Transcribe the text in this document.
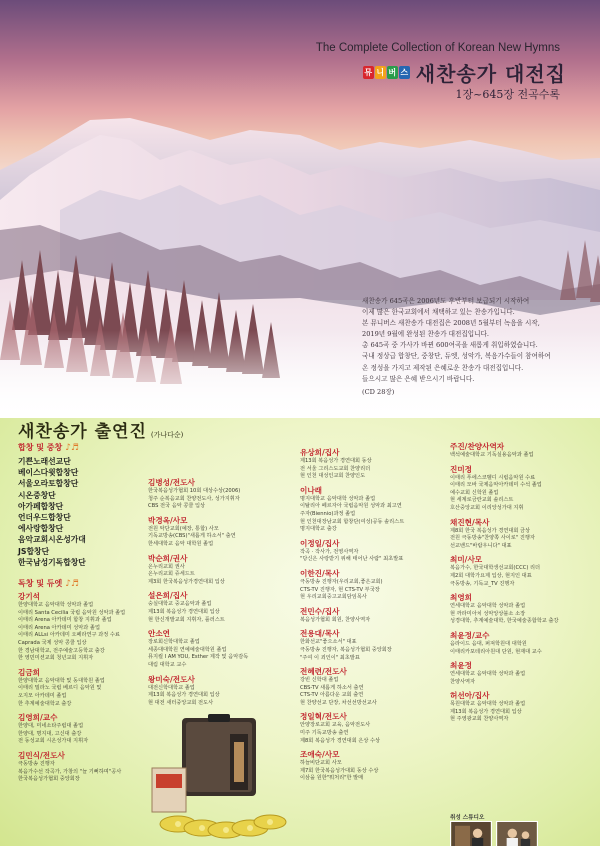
The Complete Collection of Korean New Hymns
뮤 니 버 스 새찬송가 대전집
1장~645장 전곡수록

새찬송가 645곡은 2006년도 후반부터 보급되기 시작하여

이제 많은 한국교회에서 채택하고 있는 찬송가입니다.

본 뮤니버스 새찬송가 대전집은 2008년 5월부터 녹음을 시작,

2019년 9월에 완성된 찬송가 대전집입니다.

총 645곡 중 가사가 바뀐 600여곡을 새롭게 취입하였습니다.

국내 정상급 합창단, 중창단, 듀엣, 성악가, 복음가수들이 참여하여

온 정성을 가지고 제작된 은혜로운 찬송가 대전집입니다.

들으시고 많은 은혜 받으시기 바랍니다.

(CD 28장)

새찬송가 출연진 (가나다순)
합창 및 중창 ♪♬
기쁜노래선교단
베이스다윗합창단
서울오라토합창단
시온중창단
아가페합창단
언더우드합창단
에사랑합창단
음악교회시온성가대
JS합창단
한국남성기독합창단
독창 및 듀엣 ♪♬
강기석
한양대학교 음악대학 성악과 졸업
이태리 Santa Cecilia 국립 음악원 성악과 졸업
이태리 Arena 아카데미 합창 지휘과 졸업
이태리 Arena 아카데미 성악과 졸업
이태리 ALLsi 아카데미 오페라연구 과정 수료
Caprada 국제 성악 콩쿨 입상
한 경남대학교, 전주예술고등학교 출강
한 영민미션교회 청년교회 지휘자
김금희
한양대학교 음악대학 및 동대학원 졸업
이태리 밀라노 국립 베르디 음악원 및
오지모 아카데미 졸업
한 추계예술대학교 출강
김영희/교수
한양대, 미네소타주립대 졸업
한양대, 명지대, 고신대 출강
전 동성교회 시온성가대 지휘자
김민식/전도사
극동방송 진행자
복음가수선 작곡가, 가창의 "늘 기뻐하며"공사
한국복음성가협회 중앙회장
김병성/전도사
한국복음성가협회 10회 대상수상(2006)
청주 순복음교회 찬양전도사, 성가지휘자
CBS 전국 음악 콩쿨 입상
박경옥/사모
전원 악단교회(예장, 통합) 사모
기독교방송(CBS)"새롭게 하소서" 출연
한세대학교 음악 대학원 졸업
박순희/권사
온누리교회 권사
온누리교회 쥬세드트
제3회 한국복음성가경연대회 입상
설은희/집사
숭실대학교 중교음악과 졸업
제13회 복음성가 경연대회 입상
현 한신개발교회 지휘자, 플러스트
안소연
장로회신학대학교 졸업
세종대대학원 연예예술대학원 졸업
뮤지컬 I AM YOU, Esther 제작 및 음악감독
대림 대학교 교수
왕미숙/전도사
대전신학대학교 졸업
제13회 복음성가 경연대회 입상
현 대전 새터중앙교회 전도사
유상희/집사
제13회 복음성가 경연대회 동상
전 서울 그리스도교회 찬양리더
현 인천 대성인교회 찬양인도
이나래
명지대학교 음악대학 성악과 졸업
이탈리아 페르자아 국립음악원 성악과 최고연
주자(Biennio)과정 졸업
현 인천대장남교회 합창단(여성)공동 솔리스트
명지대학교 출강
이정일/집사
작곡 · 작사가, 전영사역자
"당신은 사랑받기 위해 태어난 사람" 최초발표
이한진/목사
극동방송 진행자(우리교회,좋은교회)
CTS-TV 진행자, 현 CTS-TV 부국장
현 우리교회중고교회담임목사
전민수/집사
복음성가협회 회원, 찬양사역자
전용대/목사
한화선교"좋으소서" 대표
극동방송 진행자, 복음성가협회 중앙회장
"주여 이 죄인이" 최초발표
전혜련/전도사
강빈 신학대 졸업
CBS-TV 새롭게 하소서 출연
CTS-TV 아름다운 교회 출연
현 찬양선교 단장, 차선선방선교사
정일혁/전도사
안양장로교회 교육, 음악전도사
미주 기독교방송 출연
제8회 복음성가 경연대회 은상 수상
조애숙/사모
하늘비단교회 사모
제7회 한국복음성가대회 동상 수상
이삼을 원한"뭐처리"한 발매
주진/찬양사역자
백석예술대학교 기독실용음악과 졸업
진미정
이태리 푸에스코벨디 시립음악원 수료
이태리 모바 국제음악아카데미 수석 졸업
예수교회 신학원 졸업
현 세계로금란교회 솔리스트
호산중앙교회 이리앙성가대 지휘
채진현/목사
제8회 한국 복음성가 경연대회 금상
전원 극동방송"찬양쪽 사이로" 진행자
선교밴드"바람우니다" 대표
최미/사모
복음가수, 한국대학생선교회(CCC) 리더
제2회 대학가요제 입상, 현지인 대표
극동방송, 기독교_TV 진행자
최영희
연세대학교 음악대학 성악과 졸업
현 까라미아치 성악앙상블소 소장
성경대학, 추계예술대학, 한국예술종합학교 출강
최윤정/교수
음라이드 음대, 퍼져학원대 대학원
이태리카포테리아원대 단원, 현재대 교수
최윤정
연세대학교 음악대학 성악과 졸업
찬양사역자
허선아/집사
목원대학교 음악대학 성악과 졸업
제13회 복음성가 경연대회 입상
현 주영광교회 찬양사역자
취성 스튜디오
